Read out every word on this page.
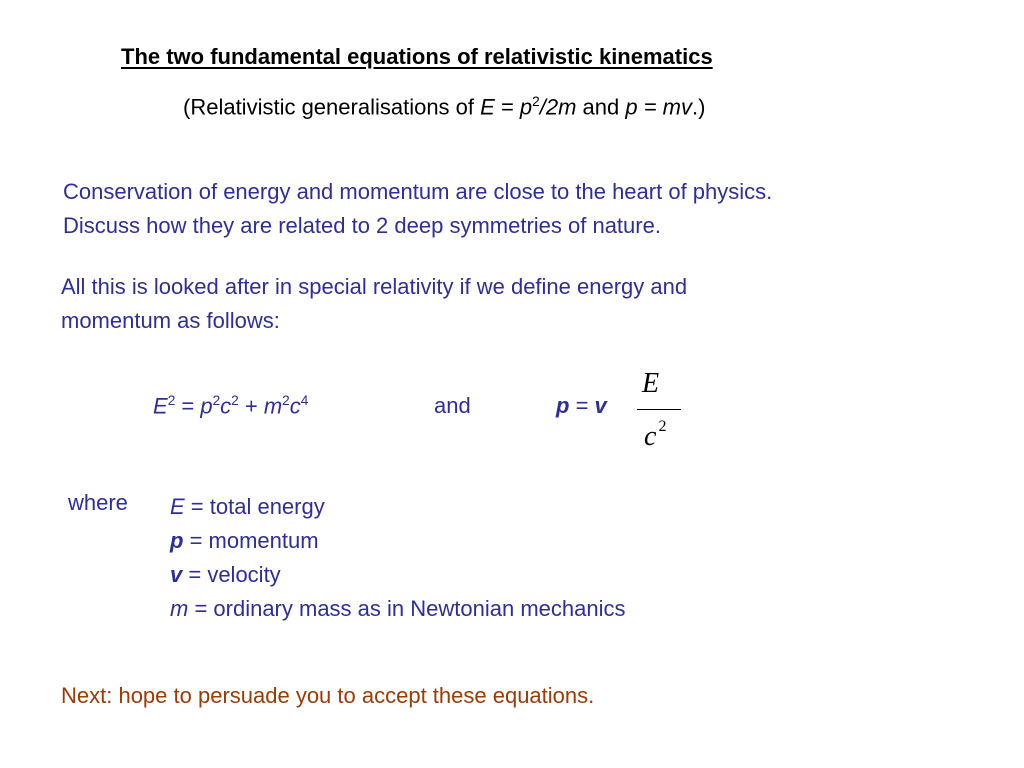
The two fundamental equations of relativistic kinematics
(Relativistic generalisations of $E = p^2/2m$ and p = mv.)
Conservation of energy and momentum are close to the heart of physics.
Discuss how they are related to 2 deep symmetries of nature.
All this is looked after in special relativity if we define energy and
momentum as follows:
$E^2 = p^2c^2 + m^2c^4$	and	p = v
E
c $^2$
where E = total energy
p = momentum
v = velocity
m = ordinary mass as in Newtonian mechanics
Next: hope to persuade you to accept these equations.
